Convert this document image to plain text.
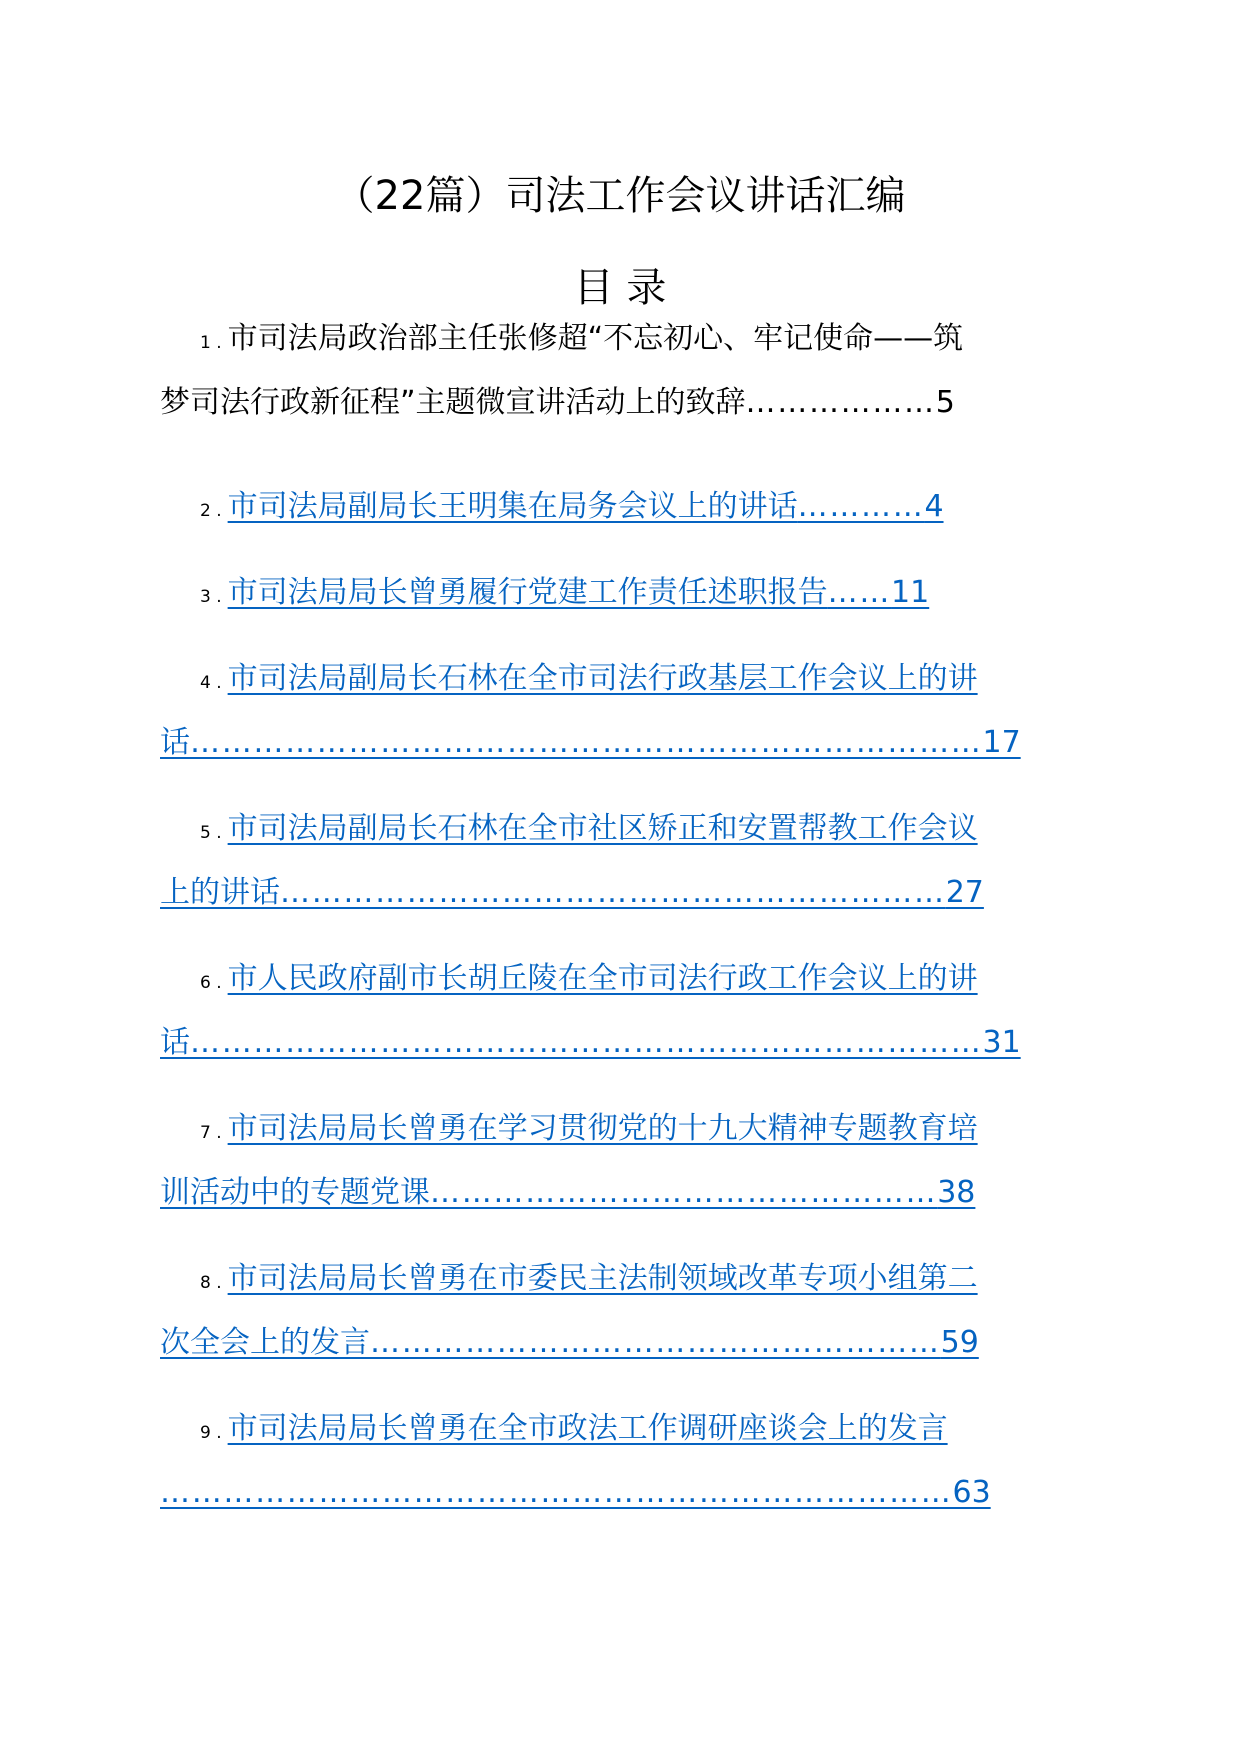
（22篇）司法工作会议讲话汇编
目 录
1 . 市司法局政治部主任张修超“不忘初心、牢记使命——筑
梦司法行政新征程”主题微宣讲活动上的致辞………………5
2 . 市司法局副局长王明集在局务会议上的讲话…………4
3 . 市司法局局长曾勇履行党建工作责任述职报告……11
4 . 市司法局副局长石林在全市司法行政基层工作会议上的讲
话…………………………………………………………………17
5 . 市司法局副局长石林在全市社区矫正和安置帮教工作会议
上的讲话………………………………………………………27
6 . 市人民政府副市长胡丘陵在全市司法行政工作会议上的讲
话…………………………………………………………………31
7 . 市司法局局长曾勇在学习贯彻党的十九大精神专题教育培
训活动中的专题党课…………………………………………38
8 . 市司法局局长曾勇在市委民主法制领域改革专项小组第二
次全会上的发言………………………………………………59
9 . 市司法局局长曾勇在全市政法工作调研座谈会上的发言
…………………………………………………………………63
